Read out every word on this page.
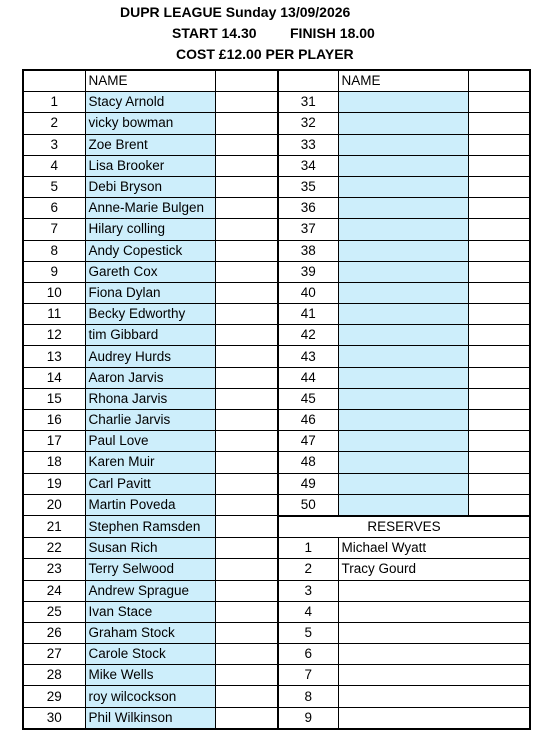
DUPR LEAGUE Sunday 13/09/2026
START 14.30 FINISH 18.00
COST £12.00 PER PLAYER
	NAME			NAME	
1	Stacy Arnold		31		
2	vicky bowman		32		
3	Zoe Brent		33		
4	Lisa Brooker		34		
5	Debi Bryson		35		
6	Anne-Marie Bulgen		36		
7	Hilary colling		37		
8	Andy Copestick		38		
9	Gareth Cox		39		
10	Fiona Dylan		40		
11	Becky Edworthy		41		
12	tim Gibbard		42		
13	Audrey Hurds		43		
14	Aaron Jarvis		44		
15	Rhona Jarvis		45		
16	Charlie Jarvis		46		
17	Paul Love		47		
18	Karen Muir		48		
19	Carl Pavitt		49		
20	Martin Poveda		50		
21	Stephen Ramsden		RESERVES		
22	Susan Rich		1	Michael Wyatt	
23	Terry Selwood		2	Tracy Gourd	
24	Andrew Sprague		3		
25	Ivan Stace		4		
26	Graham Stock		5		
27	Carole Stock		6		
28	Mike Wells		7		
29	roy wilcockson		8		
30	Phil Wilkinson		9		
